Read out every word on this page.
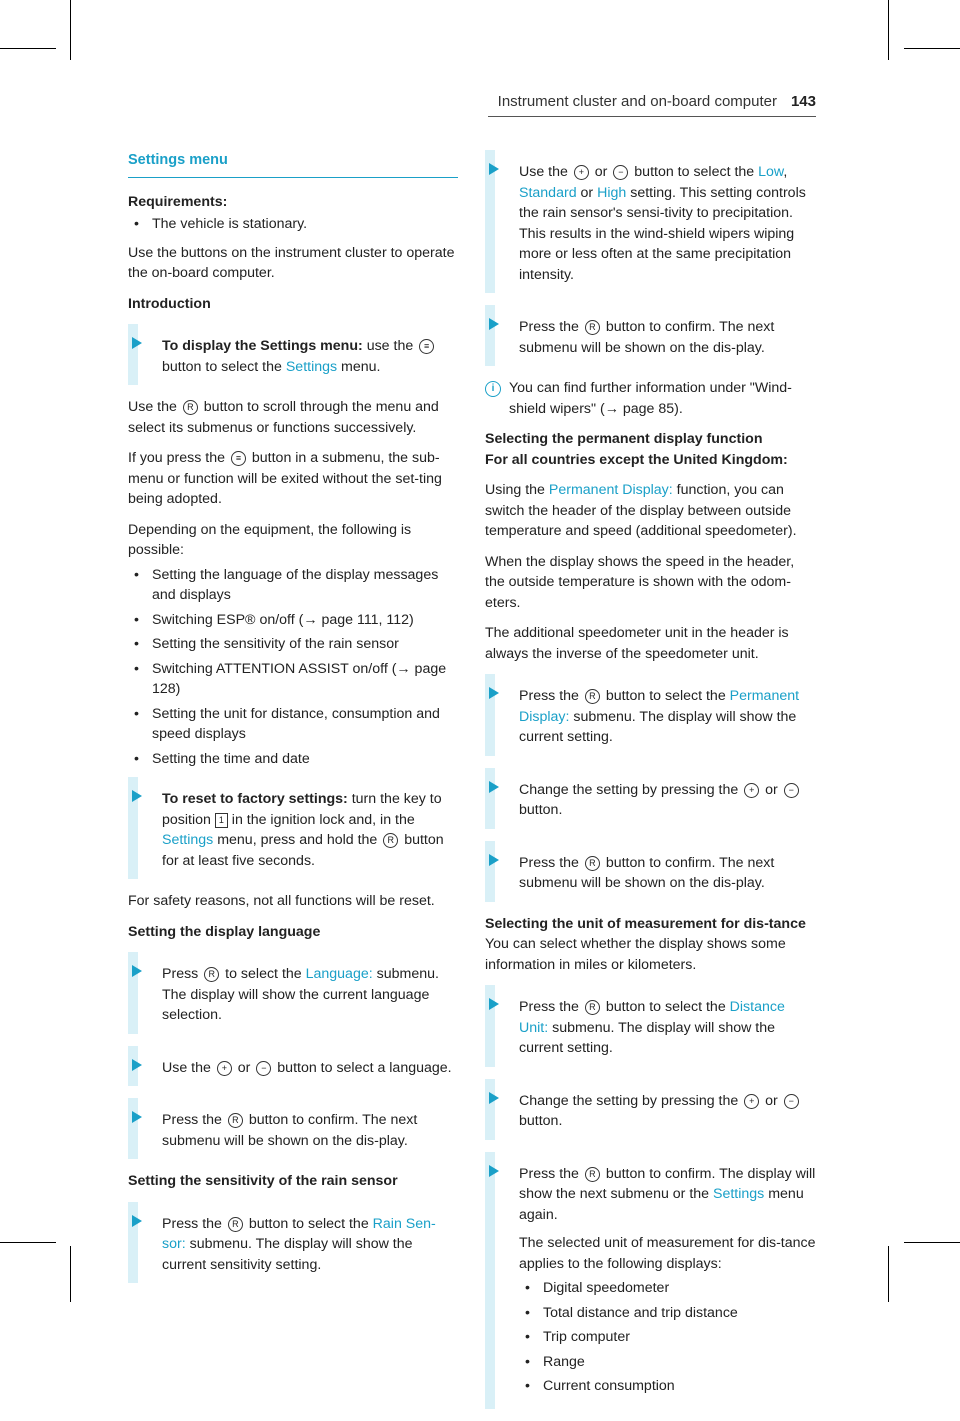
Instrument cluster and on-board computer 143
Settings menu

Requirements:

• The vehicle is stationary.

Use the buttons on the instrument cluster to operate the on-board computer.

Introduction

To display the Settings menu: use the ≡ button to select the Settings menu.

Use the R button to scroll through the menu and select its submenus or functions successively.

If you press the ≡ button in a submenu, the sub-menu or function will be exited without the set-ting being adopted.

Depending on the equipment, the following is possible:

• Setting the language of the display messages and displays
• Switching ESP® on/off (→ page 111, 112)
• Setting the sensitivity of the rain sensor
• Switching ATTENTION ASSIST on/off (→ page 128)
• Setting the unit for distance, consumption and speed displays
• Setting the time and date
To reset to factory settings: turn the key to position 1 in the ignition lock and, in the Settings menu, press and hold the R button for at least five seconds.

For safety reasons, not all functions will be reset.

Setting the display language

Press R to select the Language: submenu. The display will show the current language selection.
Use the + or − button to select a language.
Press the R button to confirm. The next submenu will be shown on the dis-play.

Setting the sensitivity of the rain sensor

Press the R button to select the Rain Sen-sor: submenu. The display will show the current sensitivity setting.
Use the + or − button to select the Low, Standard or High setting. This setting controls the rain sensor's sensi-tivity to precipitation. This results in the wind-shield wipers wiping more or less often at the same precipitation intensity.
Press the R button to confirm. The next submenu will be shown on the dis-play.
i	You can find further information under "Wind-shield wipers" (→ page 85).

Selecting the permanent display function

For all countries except the United Kingdom:

Using the Permanent Display: function, you can switch the header of the display between outside temperature and speed (additional speedometer).

When the display shows the speed in the header, the outside temperature is shown with the odom-eters.

The additional speedometer unit in the header is always the inverse of the speedometer unit.

Press the R button to select the Permanent Display: submenu. The display will show the current setting.
Change the setting by pressing the + or − button.
Press the R button to confirm. The next submenu will be shown on the dis-play.

Selecting the unit of measurement for dis-tance

You can select whether the display shows some information in miles or kilometers.

Press the R button to select the Distance Unit: submenu. The display will show the current setting.
Change the setting by pressing the + or − button.
Press the R button to confirm. The display will show the next submenu or the Settings menu again.

The selected unit of measurement for dis-tance applies to the following displays:

• Digital speedometer
• Total distance and trip distance
• Trip computer
• Range
• Current consumption
